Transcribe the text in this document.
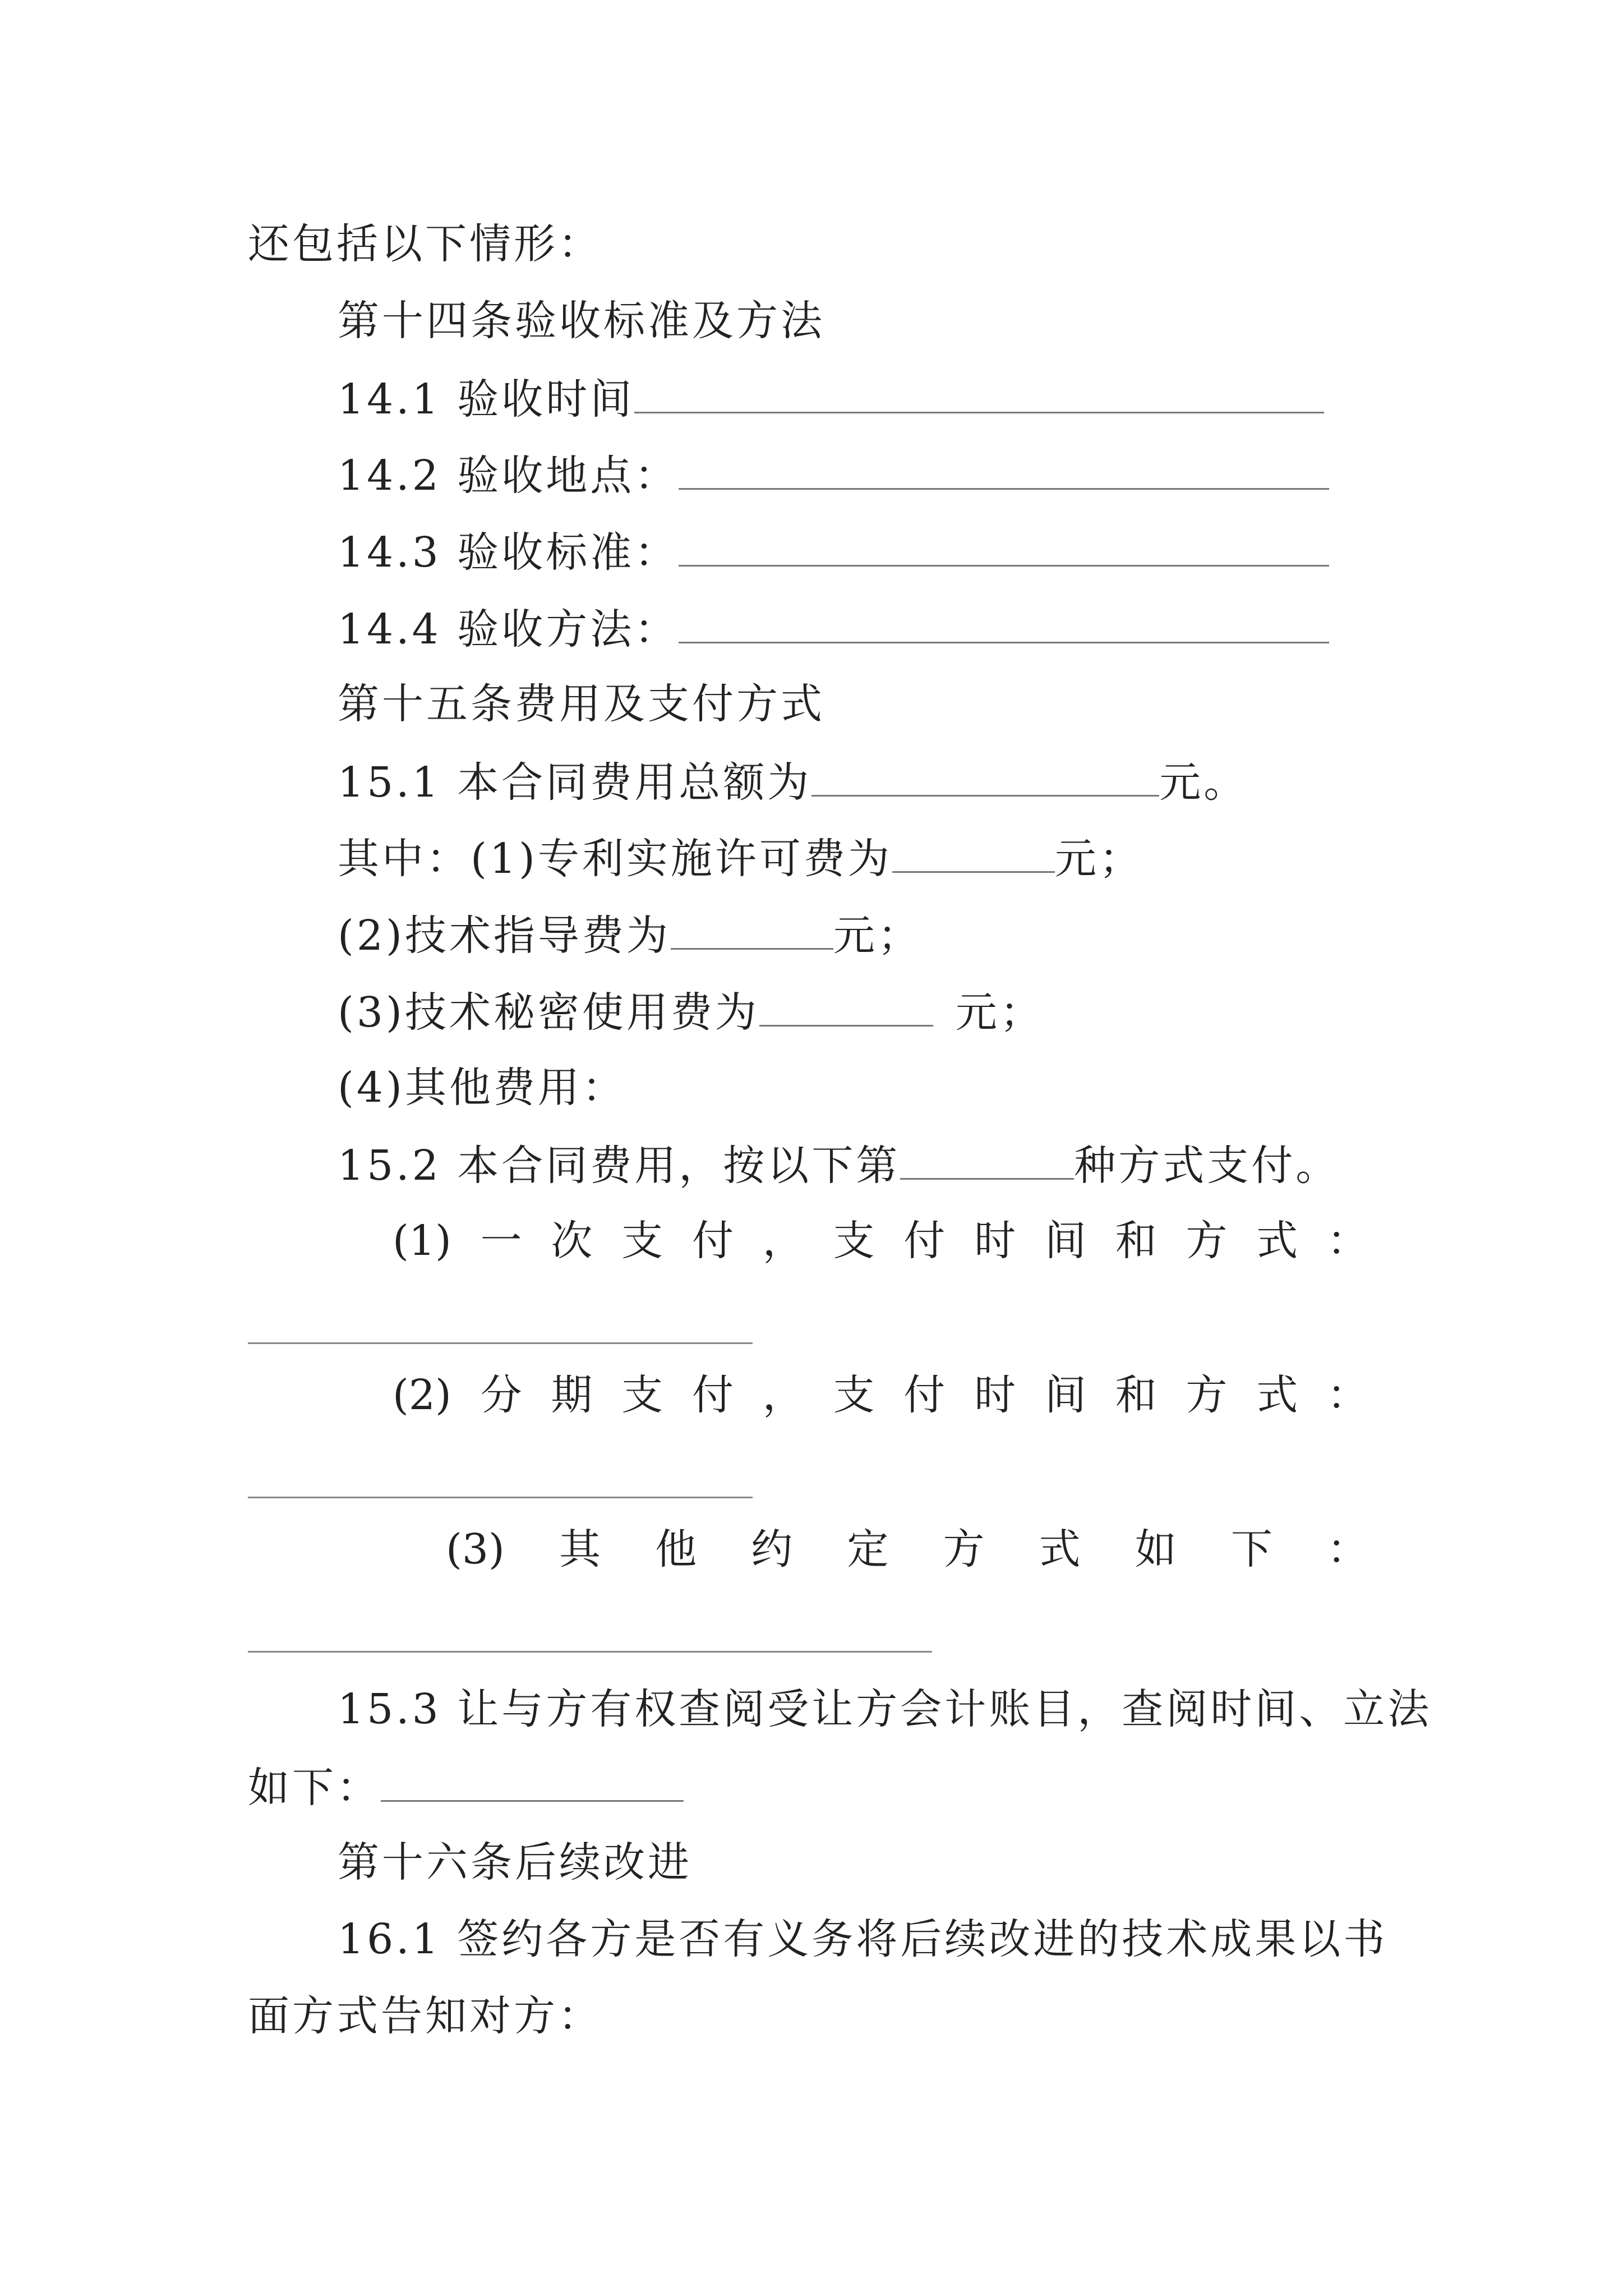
还包括以下情形：
第十四条验收标准及方法
14.1 验收时间
14.2 验收地点：
14.3 验收标准：
14.4 验收方法：
第十五条费用及支付方式
15.1 本合同费用总额为	元。
其中：(1)专利实施许可费为	元；
(2)技术指导费为	元；
(3)技术秘密使用费为	元；
(4)其他费用：
15.2 本合同费用，按以下第	种方式支付。
(1) 一 次 支 付 ， 支 付 时 间 和 方 式 ：
(2) 分 期 支 付 ， 支 付 时 间 和 方 式 ：
(3) 其 他 约 定 方 式 如 下 ：
15.3 让与方有权查阅受让方会计账目，查阅时间、立法
如下：
第十六条后续改进
16.1 签约各方是否有义务将后续改进的技术成果以书
面方式告知对方：
